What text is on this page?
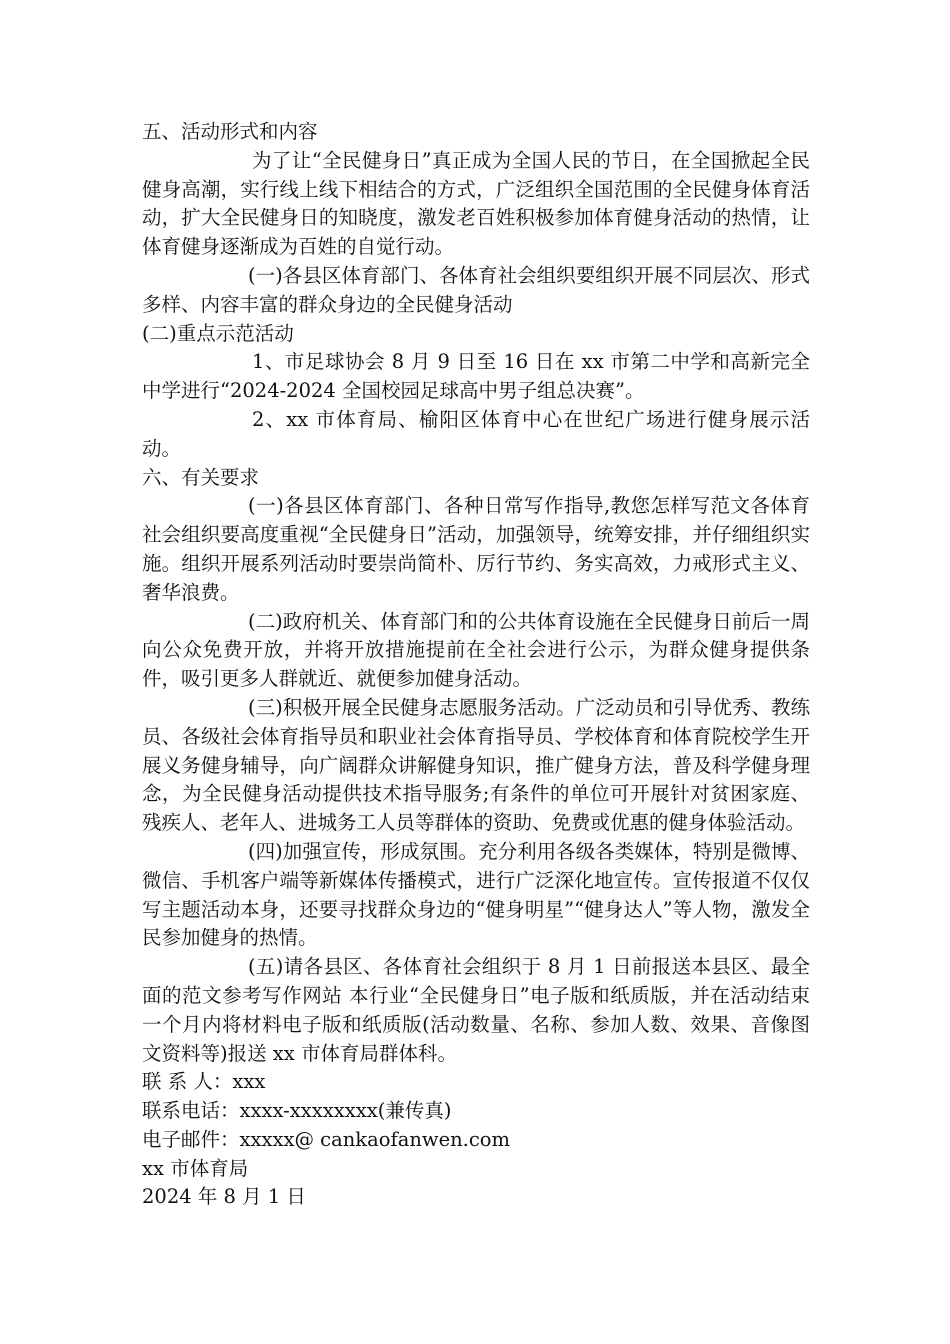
五、活动形式和内容

为了让“全民健身日”真正成为全国人民的节日，在全国掀起全民健身高潮，实行线上线下相结合的方式，广泛组织全国范围的全民健身体育活动，扩大全民健身日的知晓度，激发老百姓积极参加体育健身活动的热情，让体育健身逐渐成为百姓的自觉行动。

(一)各县区体育部门、各体育社会组织要组织开展不同层次、形式多样、内容丰富的群众身边的全民健身活动

(二)重点示范活动

1、市足球协会 8 月 9 日至 16 日在 xx 市第二中学和高新完全中学进行“2024-2024 全国校园足球高中男子组总决赛”。

2、xx 市体育局、榆阳区体育中心在世纪广场进行健身展示活动。

六、有关要求

(一)各县区体育部门、各种日常写作指导,教您怎样写范文各体育社会组织要高度重视“全民健身日”活动，加强领导，统筹安排，并仔细组织实施。组织开展系列活动时要崇尚简朴、厉行节约、务实高效，力戒形式主义、奢华浪费。

(二)政府机关、体育部门和的公共体育设施在全民健身日前后一周向公众免费开放，并将开放措施提前在全社会进行公示，为群众健身提供条件，吸引更多人群就近、就便参加健身活动。

(三)积极开展全民健身志愿服务活动。广泛动员和引导优秀、教练员、各级社会体育指导员和职业社会体育指导员、学校体育和体育院校学生开展义务健身辅导，向广阔群众讲解健身知识，推广健身方法，普及科学健身理念，为全民健身活动提供技术指导服务;有条件的单位可开展针对贫困家庭、残疾人、老年人、进城务工人员等群体的资助、免费或优惠的健身体验活动。

(四)加强宣传，形成氛围。充分利用各级各类媒体，特别是微博、微信、手机客户端等新媒体传播模式，进行广泛深化地宣传。宣传报道不仅仅写主题活动本身，还要寻找群众身边的“健身明星”“健身达人”等人物，激发全民参加健身的热情。

(五)请各县区、各体育社会组织于 8 月 1 日前报送本县区、最全面的范文参考写作网站 本行业“全民健身日”电子版和纸质版，并在活动结束一个月内将材料电子版和纸质版(活动数量、名称、参加人数、效果、音像图文资料等)报送 xx 市体育局群体科。

联 系 人：xxx

联系电话：xxxx-xxxxxxxx(兼传真)

电子邮件：xxxxx@ cankaofanwen.com

xx 市体育局

2024 年 8 月 1 日
